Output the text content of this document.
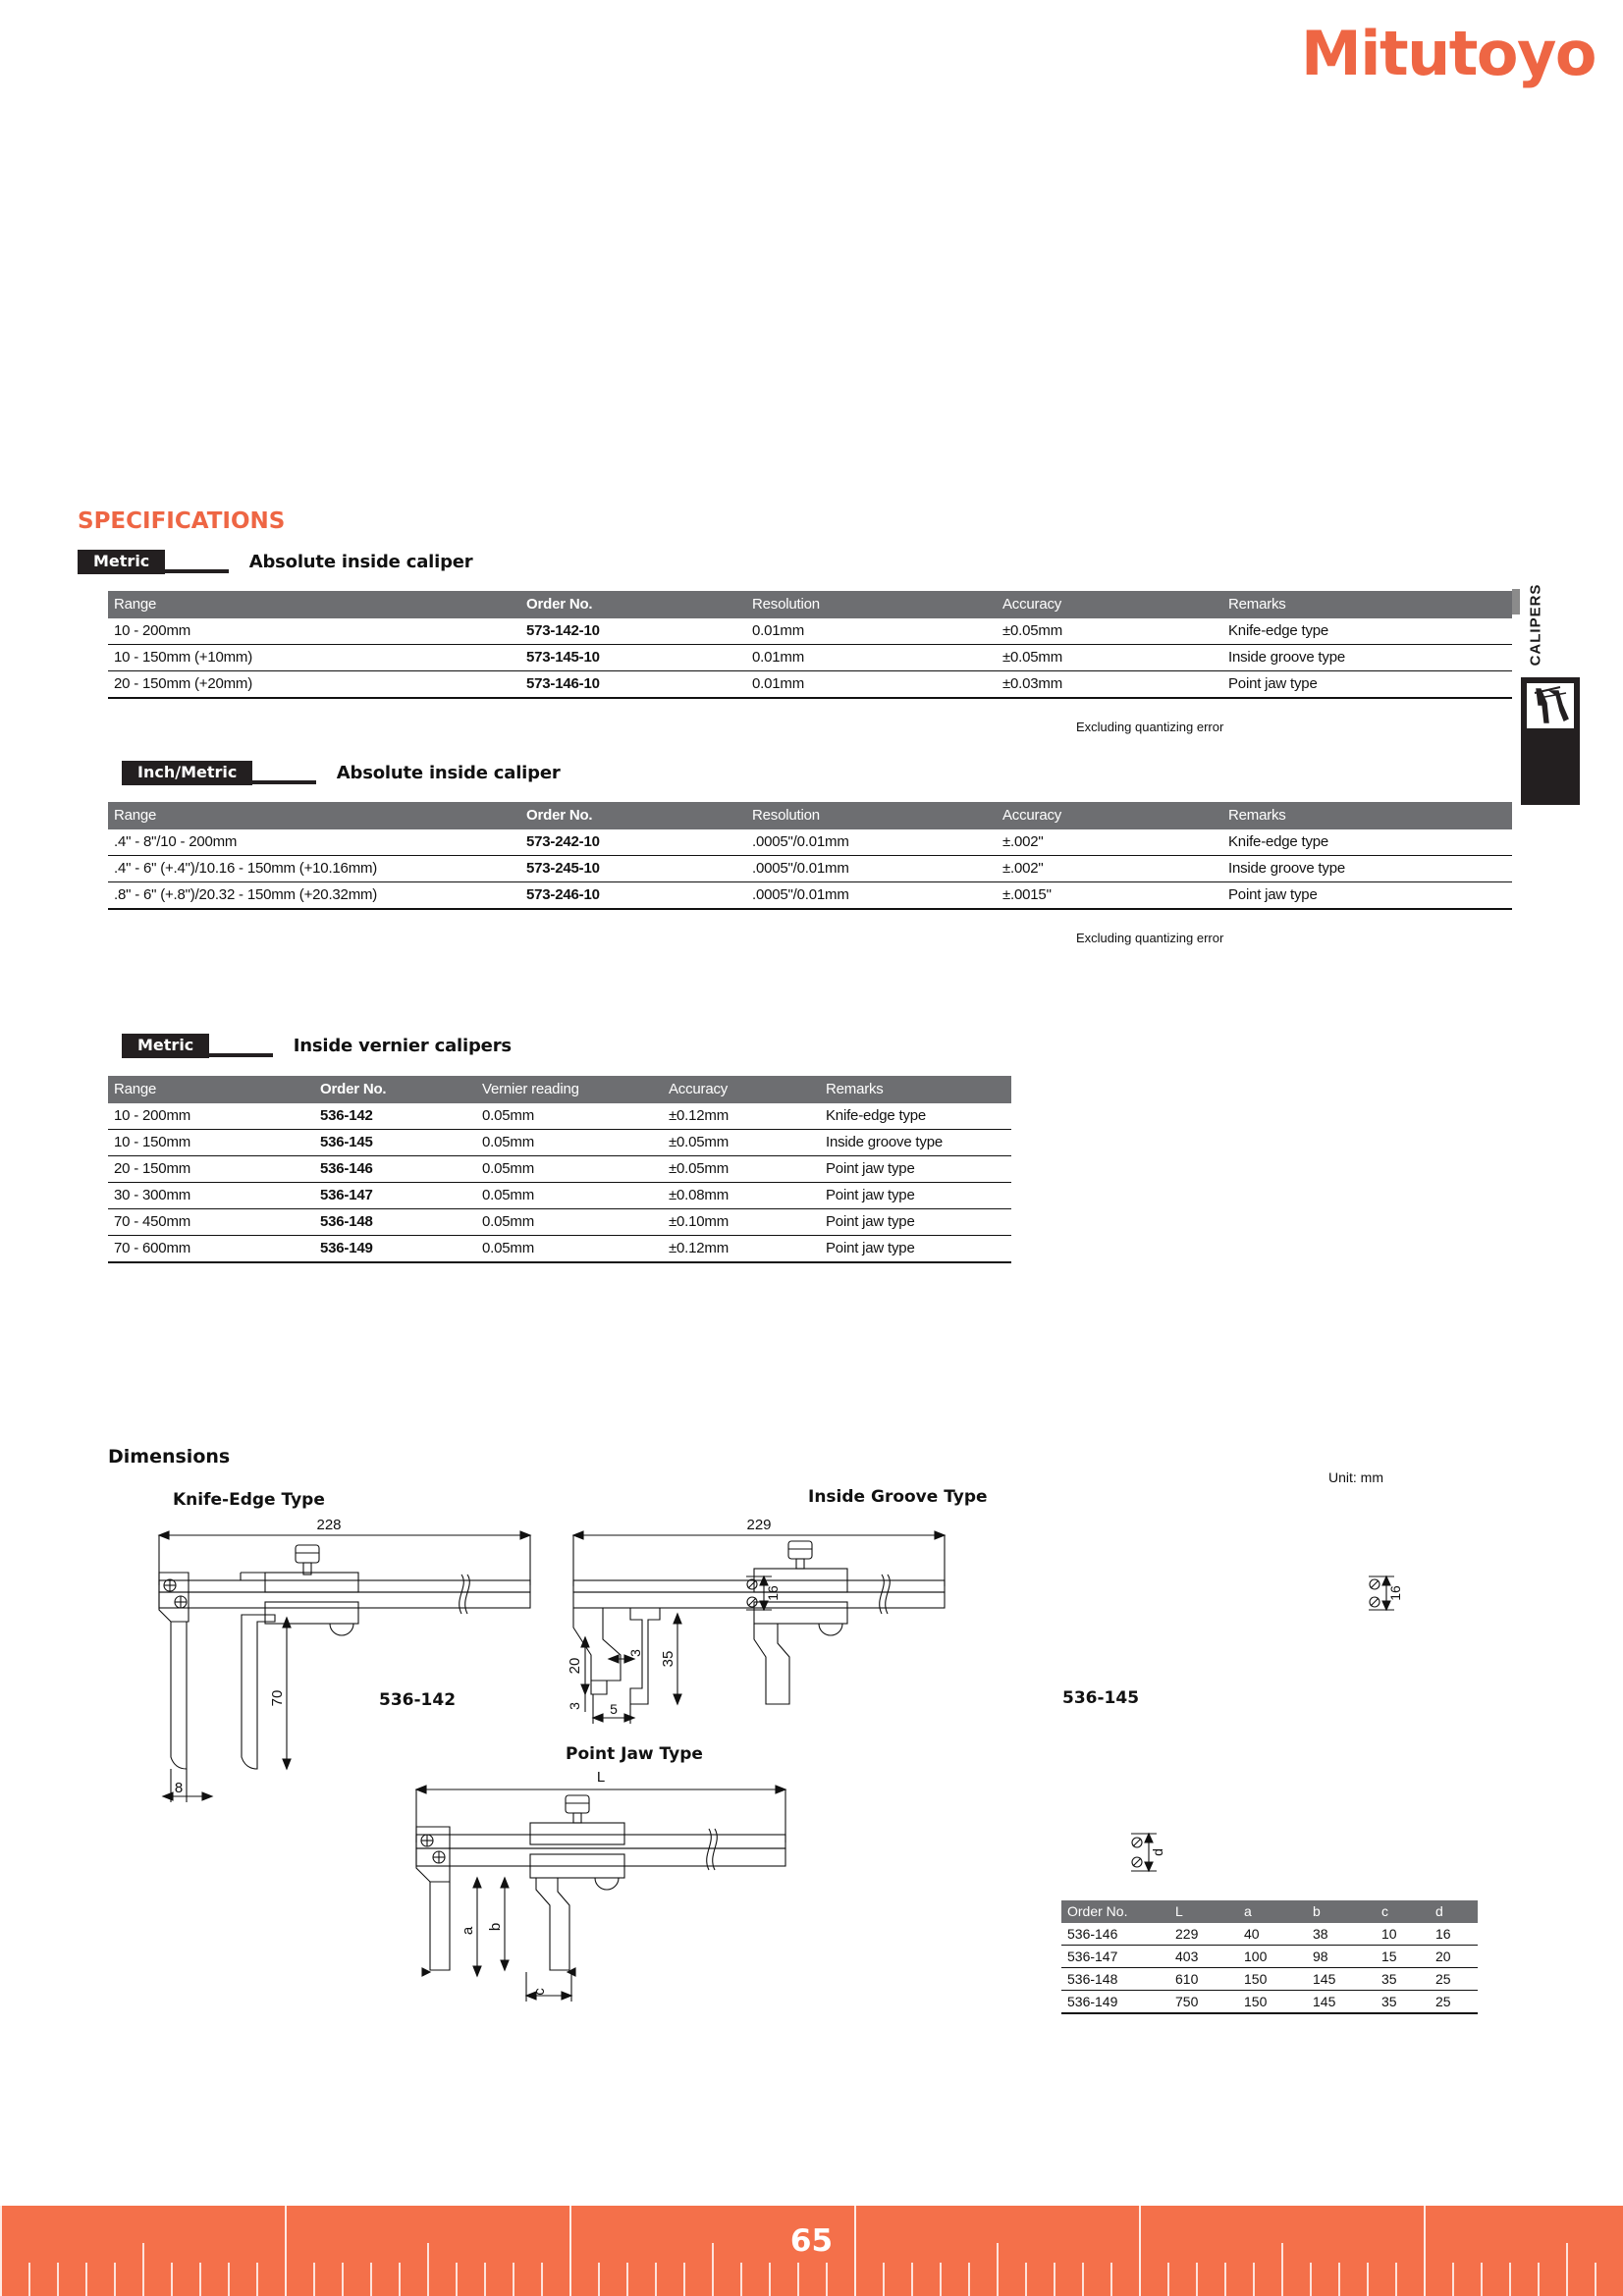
Mitutoyo
CALIPERS
SPECIFICATIONS
Metric	Absolute inside caliper
Range	Order No.	Resolution	Accuracy	Remarks
10 - 200mm	573-142-10	0.01mm	±0.05mm	Knife-edge type
10 - 150mm (+10mm)	573-145-10	0.01mm	±0.05mm	Inside groove type
20 - 150mm (+20mm)	573-146-10	0.01mm	±0.03mm	Point jaw type
Excluding quantizing error
Inch/Metric	Absolute inside caliper
Range	Order No.	Resolution	Accuracy	Remarks
.4" - 8"/10 - 200mm	573-242-10	.0005"/0.01mm	±.002"	Knife-edge type
.4" - 6" (+.4")/10.16 - 150mm (+10.16mm)	573-245-10	.0005"/0.01mm	±.002"	Inside groove type
.8" - 6" (+.8")/20.32 - 150mm (+20.32mm)	573-246-10	.0005"/0.01mm	±.0015"	Point jaw type
Excluding quantizing error
Metric	Inside vernier calipers
Range	Order No.	Vernier reading	Accuracy	Remarks
10 - 200mm	536-142	0.05mm	±0.12mm	Knife-edge type
10 - 150mm	536-145	0.05mm	±0.05mm	Inside groove type
20 - 150mm	536-146	0.05mm	±0.05mm	Point jaw type
30 - 300mm	536-147	0.05mm	±0.08mm	Point jaw type
70 - 450mm	536-148	0.05mm	±0.10mm	Point jaw type
70 - 600mm	536-149	0.05mm	±0.12mm	Point jaw type
Dimensions
Unit: mm
Knife-Edge Type
536-142
Inside Groove Type
536-145
Point Jaw Type
228
70
8
16
229
35
20
3
3
5
16
L
a b
c
d
Order No.	L	a	b	c	d
536-146	229	40	38	10	16
536-147	403	100	98	15	20
536-148	610	150	145	35	25
536-149	750	150	145	35	25
65
